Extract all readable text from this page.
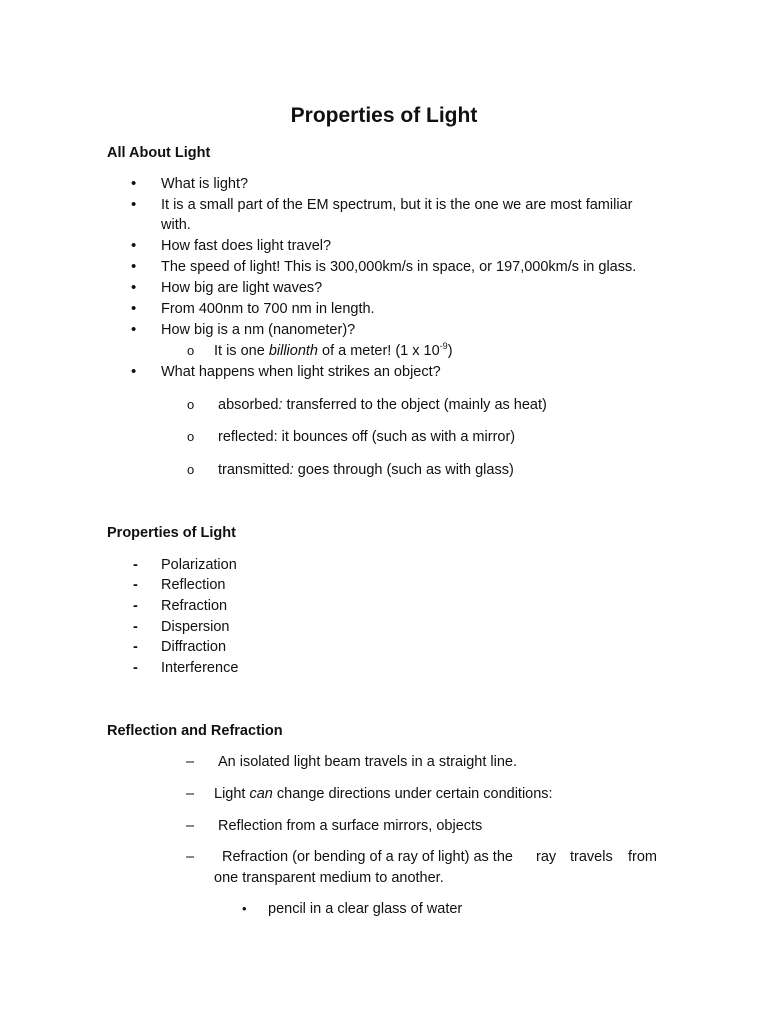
Properties of Light
All About Light
• What is light?
• It is a small part of the EM spectrum, but it is the one we are most familiar
with.
• How fast does light travel?
• The speed of light! This is 300,000km/s in space, or 197,000km/s in glass.
• How big are light waves?
• From 400nm to 700 nm in length.
• How big is a nm (nanometer)?
o It is one billionth of a meter! (1 x $10^{-9}$)
• What happens when light strikes an object?
o absorbed: transferred to the object (mainly as heat)
o reflected: it bounces off (such as with a mirror)
o transmitted: goes through (such as with glass)
Properties of Light
- Polarization
- Reflection
- Refraction
- Dispersion
- Diffraction
- Interference
Reflection and Refraction
– An isolated light beam travels in a straight line.
– Light can change directions under certain conditions:
– Reflection from a surface mirrors, objects
– Refraction (or bending of a ray of light) as the ray travels from
one transparent medium to another.
• pencil in a clear glass of water
